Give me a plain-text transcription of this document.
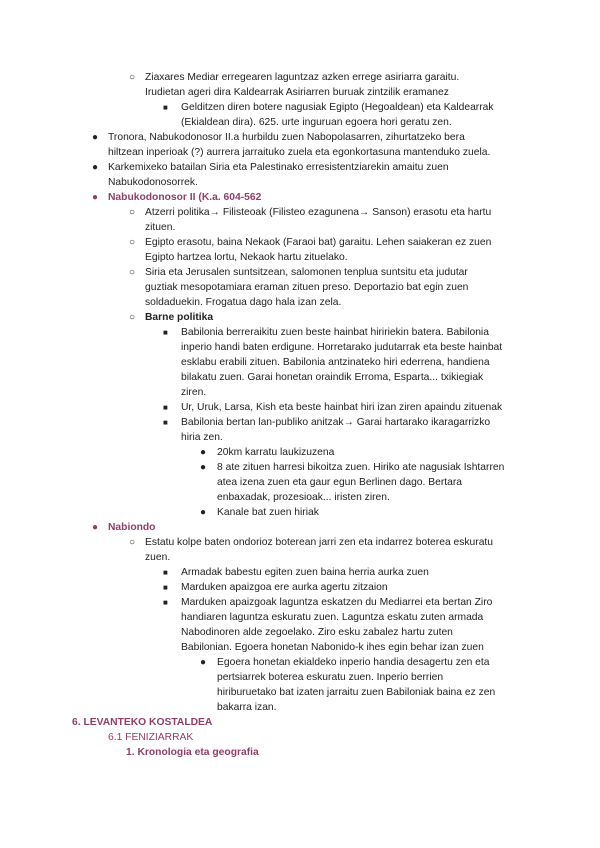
○ Ziaxares Mediar erregearen laguntzaz azken errege asiriarra garaitu.
Irudietan ageri dira Kaldearrak Asiriarren buruak zintzilik eramanez
■ Gelditzen diren botere nagusiak Egipto (Hegoaldean) eta Kaldearrak
(Ekialdean dira). 625. urte inguruan egoera hori geratu zen.
● Tronora, Nabukodonosor II.a hurbildu zuen Nabopolasarren, zihurtatzeko bera
hiltzean inperioak (?) aurrera jarraituko zuela eta egonkortasuna mantenduko zuela.
● Karkemixeko batailan Siria eta Palestinako erresistentziarekin amaitu zuen
Nabukodonosorrek.
● Nabukodonosor II (K.a. 604-562
○ Atzerri politika→ Filisteoak (Filisteo ezagunena→ Sanson) erasotu eta hartu
zituen.
○ Egipto erasotu, baina Nekaok (Faraoi bat) garaitu. Lehen saiakeran ez zuen
Egipto hartzea lortu, Nekaok hartu zituelako.
○ Siria eta Jerusalen suntsitzean, salomonen tenplua suntsitu eta judutar
guztiak mesopotamiara eraman zituen preso. Deportazio bat egin zuen
soldaduekin. Frogatua dago hala izan zela.
○ Barne politika
■ Babilonia berreraikitu zuen beste hainbat hiririekin batera. Babilonia
inperio handi baten erdigune. Horretarako judutarrak eta beste hainbat
esklabu erabili zituen. Babilonia antzinateko hiri ederrena, handiena
bilakatu zuen. Garai honetan oraindik Erroma, Esparta... txikiegiak
ziren.
■ Ur, Uruk, Larsa, Kish eta beste hainbat hiri izan ziren apaindu zituenak
■ Babilonia bertan lan-publiko anitzak→ Garai hartarako ikaragarrizko
hiria zen.
● 20km karratu laukizuzena
● 8 ate zituen harresi bikoitza zuen. Hiriko ate nagusiak Ishtarren
atea izena zuen eta gaur egun Berlinen dago. Bertara
enbaxadak, prozesioak... iristen ziren.
● Kanale bat zuen hiriak
● Nabiondo
○ Estatu kolpe baten ondorioz boterean jarri zen eta indarrez boterea eskuratu
zuen.
■ Armadak babestu egiten zuen baina herria aurka zuen
■ Marduken apaizgoa ere aurka agertu zitzaion
■ Marduken apaizgoak laguntza eskatzen du Mediarrei eta bertan Ziro
handiaren laguntza eskuratu zuen. Laguntza eskatu zuten armada
Nabodinoren alde zegoelako. Ziro esku zabalez hartu zuten
Babilonian. Egoera honetan Nabonido-k ihes egin behar izan zuen
● Egoera honetan ekialdeko inperio handia desagertu zen eta
pertsiarrek boterea eskuratu zuen. Inperio berrien
hiriburuetako bat izaten jarraitu zuen Babiloniak baina ez zen
bakarra izan.
6. LEVANTEKO KOSTALDEA
6.1 FENIZIARRAK
1. Kronologia eta geografia
